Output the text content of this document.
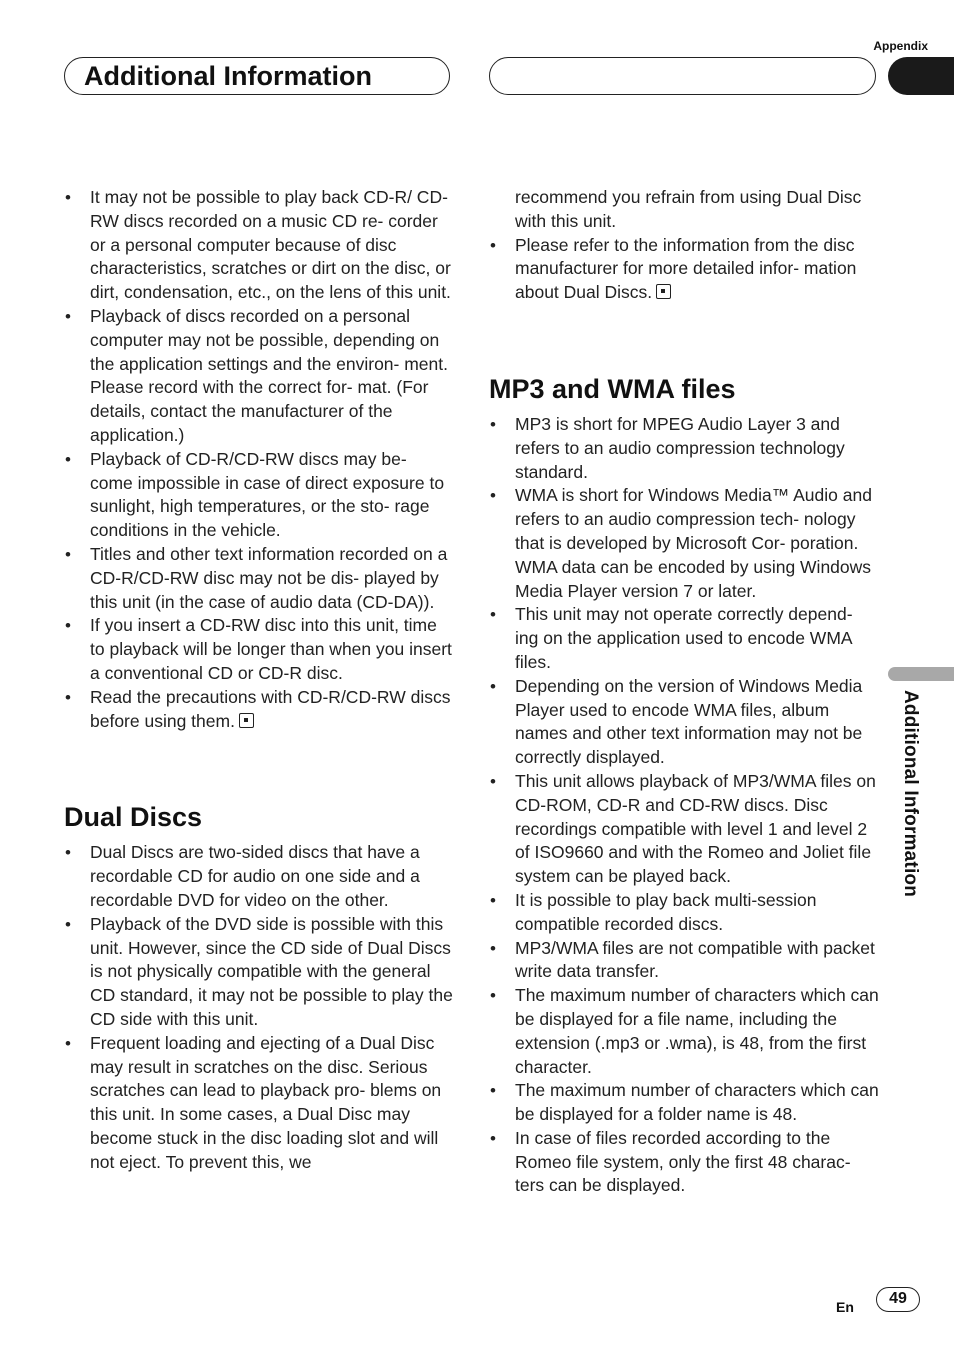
Appendix
Additional Information
Additional Information
• It may not be possible to play back CD-R/ CD-RW discs recorded on a music CD re- corder or a personal computer because of disc characteristics, scratches or dirt on the disc, or dirt, condensation, etc., on the lens of this unit.
• Playback of discs recorded on a personal computer may not be possible, depending on the application settings and the environ- ment. Please record with the correct for- mat. (For details, contact the manufacturer of the application.)
• Playback of CD-R/CD-RW discs may be- come impossible in case of direct exposure to sunlight, high temperatures, or the sto- rage conditions in the vehicle.
• Titles and other text information recorded on a CD-R/CD-RW disc may not be dis- played by this unit (in the case of audio data (CD-DA)).
• If you insert a CD-RW disc into this unit, time to playback will be longer than when you insert a conventional CD or CD-R disc.
• Read the precautions with CD-R/CD-RW discs before using them.
Dual Discs
• Dual Discs are two-sided discs that have a recordable CD for audio on one side and a recordable DVD for video on the other.
• Playback of the DVD side is possible with this unit. However, since the CD side of Dual Discs is not physically compatible with the general CD standard, it may not be possible to play the CD side with this unit.
• Frequent loading and ejecting of a Dual Disc may result in scratches on the disc. Serious scratches can lead to playback pro- blems on this unit. In some cases, a Dual Disc may become stuck in the disc loading slot and will not eject. To prevent this, we
recommend you refrain from using Dual Disc with this unit.
• Please refer to the information from the disc manufacturer for more detailed infor- mation about Dual Discs.
MP3 and WMA files
• MP3 is short for MPEG Audio Layer 3 and refers to an audio compression technology standard.
• WMA is short for Windows Media™ Audio and refers to an audio compression tech- nology that is developed by Microsoft Cor- poration. WMA data can be encoded by using Windows Media Player version 7 or later.
• This unit may not operate correctly depend- ing on the application used to encode WMA files.
• Depending on the version of Windows Media Player used to encode WMA files, album names and other text information may not be correctly displayed.
• This unit allows playback of MP3/WMA files on CD-ROM, CD-R and CD-RW discs. Disc recordings compatible with level 1 and level 2 of ISO9660 and with the Romeo and Joliet file system can be played back.
• It is possible to play back multi-session compatible recorded discs.
• MP3/WMA files are not compatible with packet write data transfer.
• The maximum number of characters which can be displayed for a file name, including the extension (.mp3 or .wma), is 48, from the first character.
• The maximum number of characters which can be displayed for a folder name is 48.
• In case of files recorded according to the Romeo file system, only the first 48 charac- ters can be displayed.
En	49
